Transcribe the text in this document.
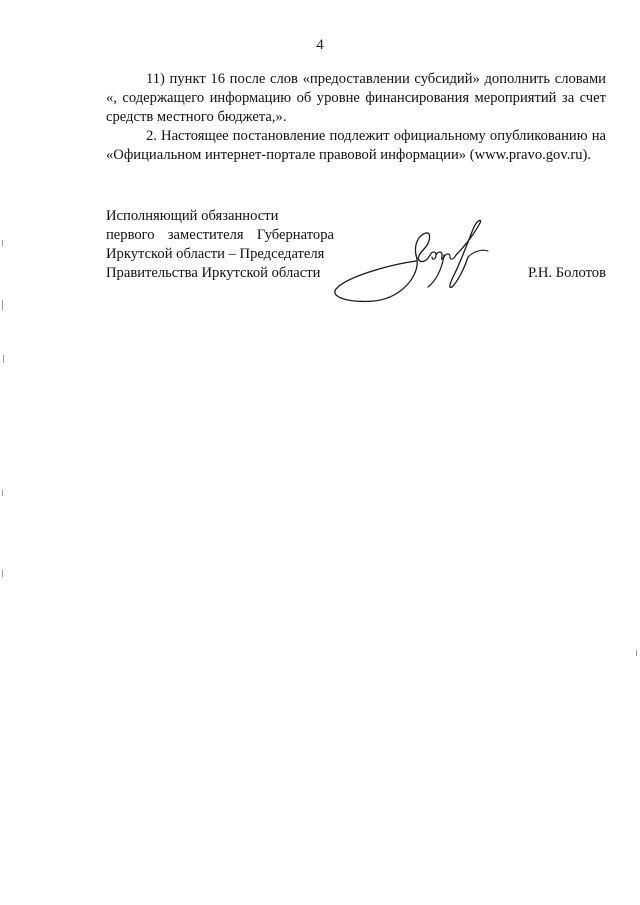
4

11) пункт 16 после слов «предоставлении субсидий» дополнить словами «, содержащего информацию об уровне финансирования мероприятий за счет средств местного бюджета,».

2. Настоящее постановление подлежит официальному опубликованию на «Официальном интернет-портале правовой информации» (www.pravo.gov.ru).

Исполняющий обязанности
первого заместителя Губернатора
Иркутской области – Председателя
Правительства Иркутской области	Р.Н. Болотов
